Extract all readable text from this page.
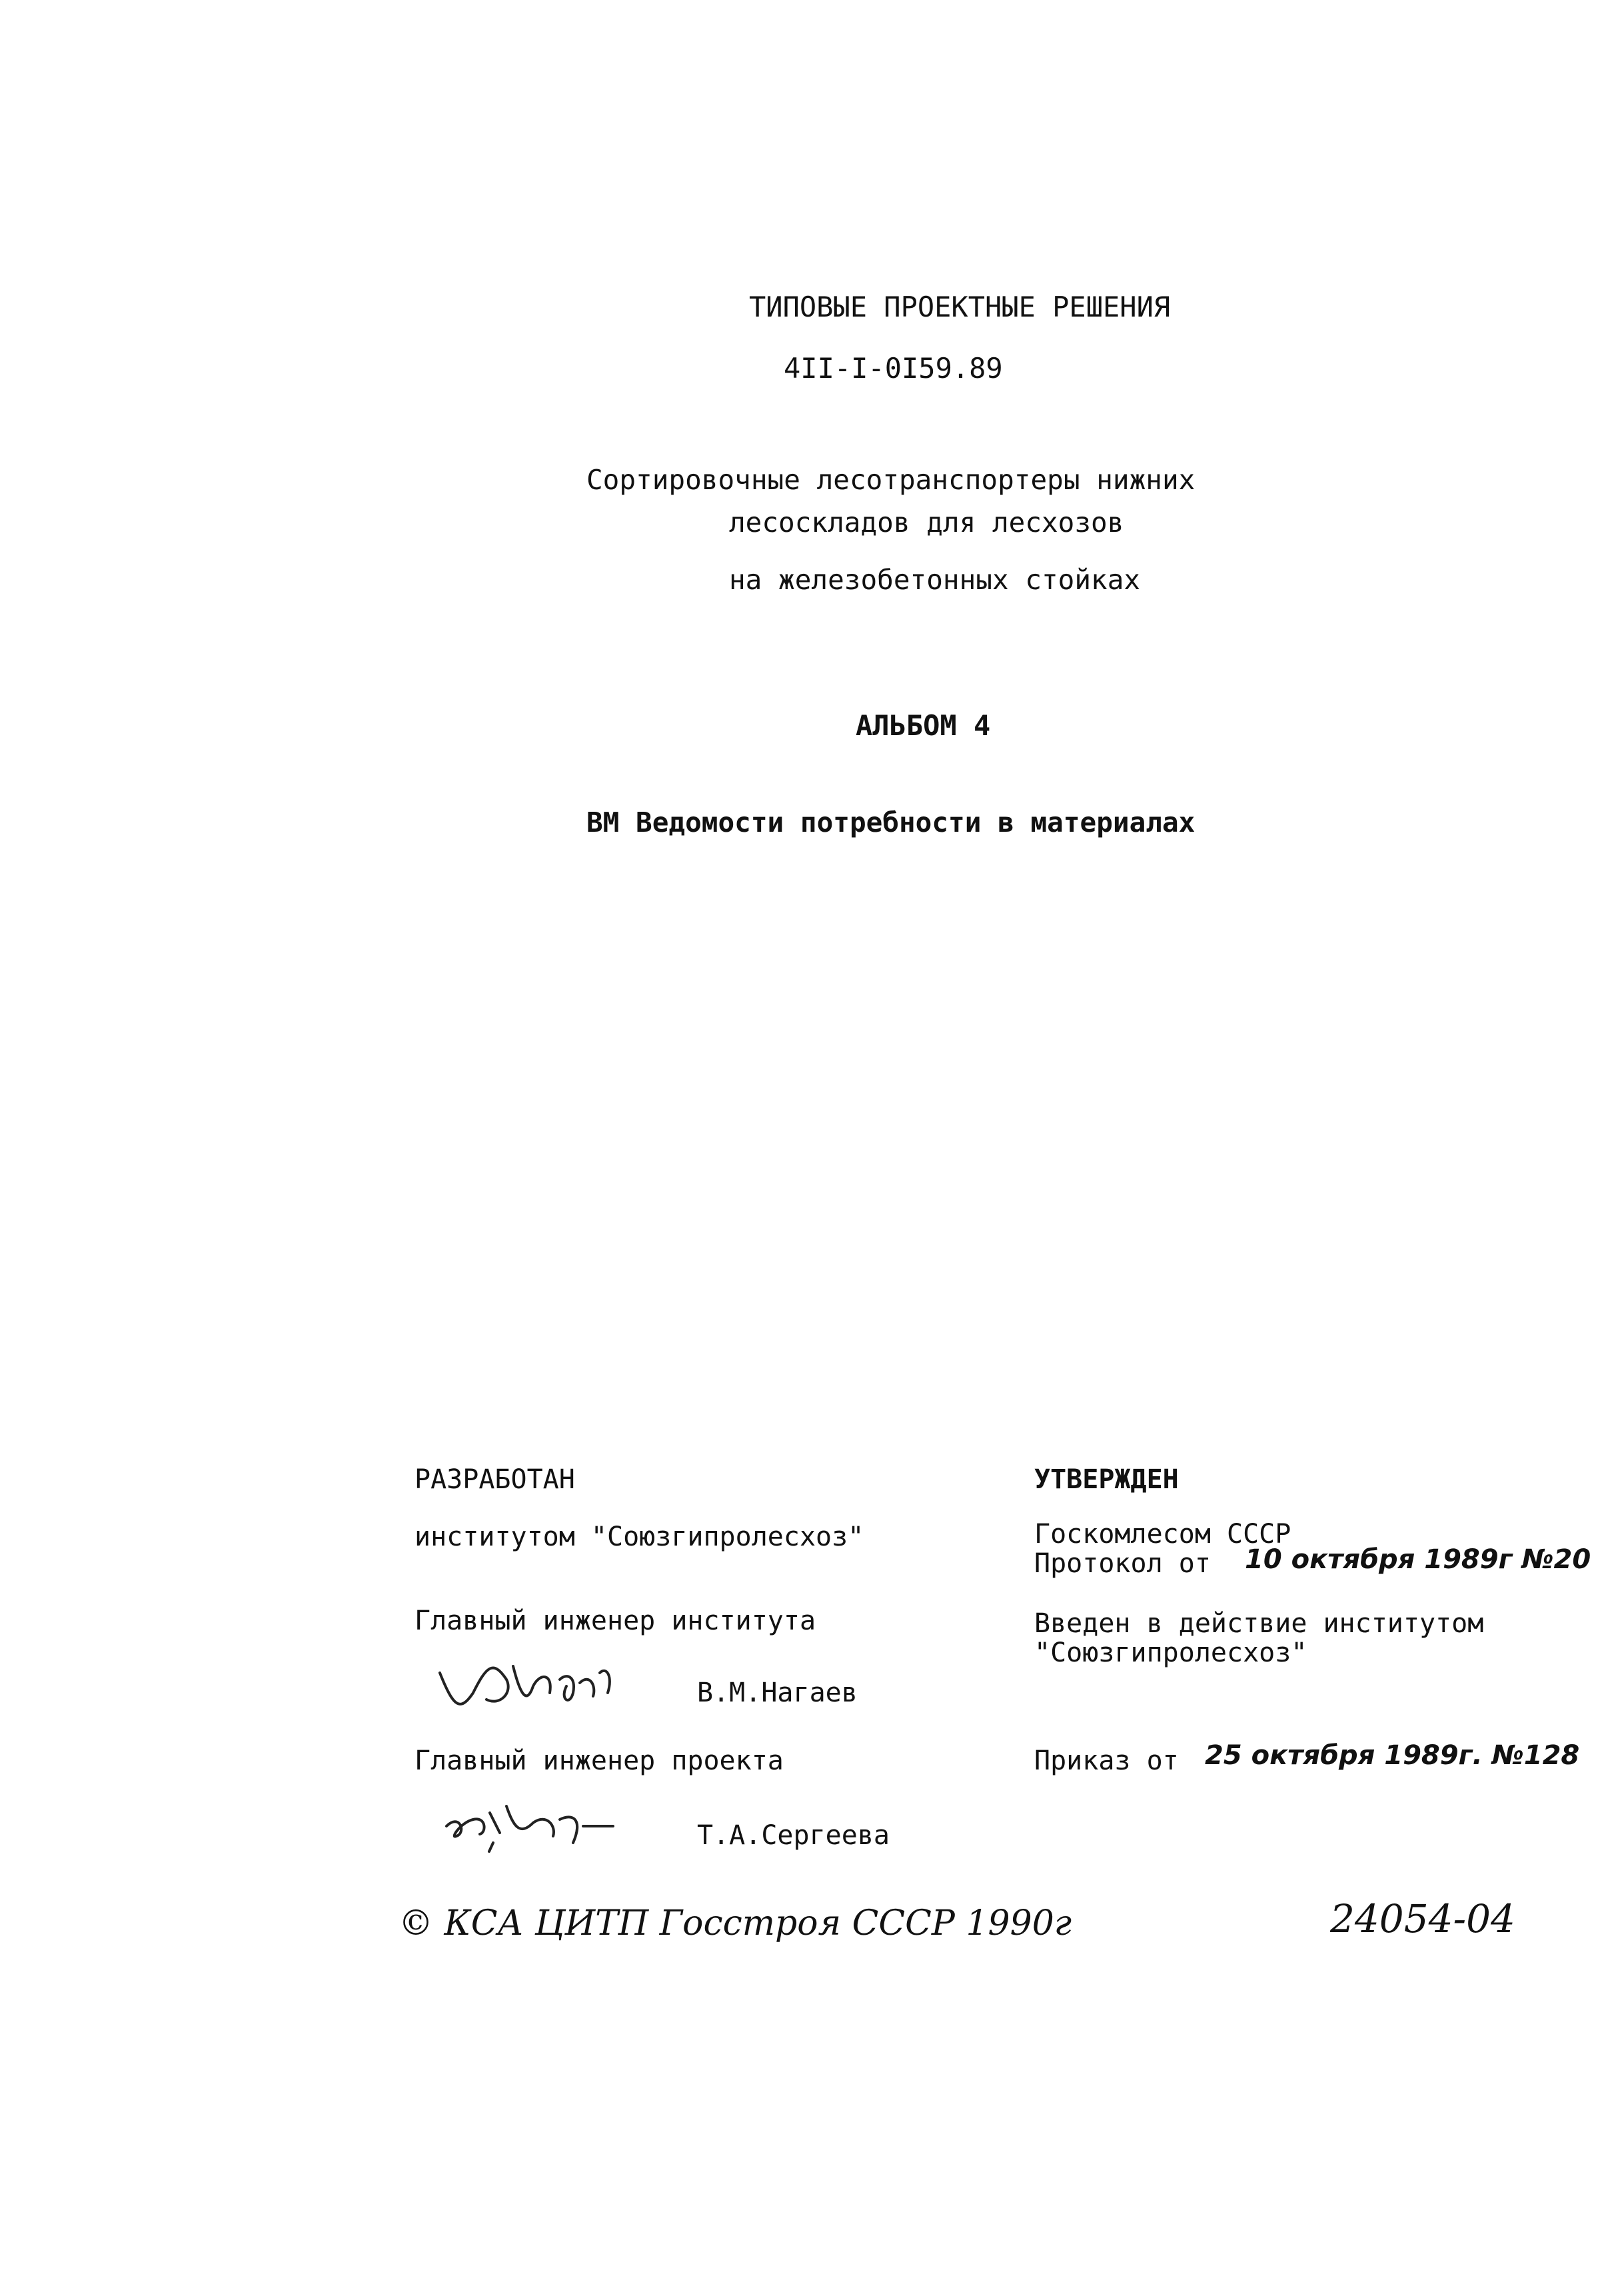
ТИПОВЫЕ ПРОЕКТНЫЕ РЕШЕНИЯ
4II-I-0I59.89
Сортировочные лесотранспортеры нижних
лесоскладов для лесхозов
на железобетонных стойках
АЛЬБОМ 4
ВМ Ведомости потребности в материалах
РАЗРАБОТАН
институтом "Союзгипролесхоз"
Главный инженер института
В.М.Нагаев
Главный инженер проекта
Т.А.Сергеева
УТВЕРЖДЕН
Госкомлесом СССР
Протокол от 10 октября 1989г №20
Введен в действие институтом
"Союзгипролесхоз"
Приказ от 25 октября 1989г. №128
© КСА ЦИТП Госстроя СССР 1990г	24054-04
